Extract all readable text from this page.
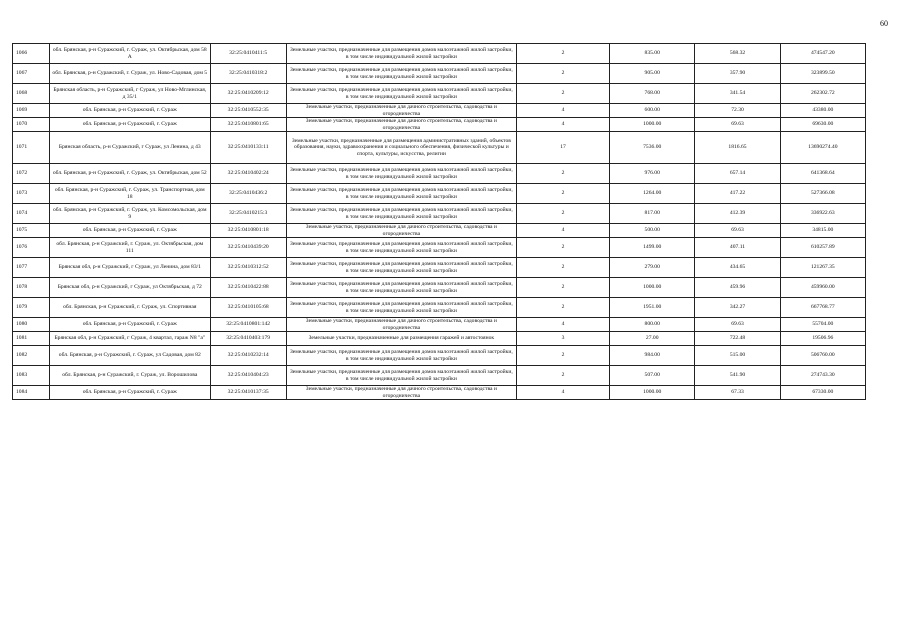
60
1066	обл. Брянская, р-н Суражский, г. Сураж, ул. Октябрьская, дом 58 А	32:25:0410411:5	Земельные участки, предназначенные для размещения домов малоэтажной жилой застройки, в том числе индивидуальной жилой застройки	2	835.00	568.32	474547.20
1067	обл. Брянская, р-н Суражский, г. Сураж, ул. Ново-Садовая, дом 5	32:25:0410318:2	Земельные участки, предназначенные для размещения домов малоэтажной жилой застройки, в том числе индивидуальной жилой застройки	2	905.00	357.90	323899.50
1068	Брянская область, р-н Суражский, г Сураж, ул Ново-Мглинская, д 35/1	32:25:0410209:12	Земельные участки, предназначенные для размещения домов малоэтажной жилой застройки, в том числе индивидуальной жилой застройки	2	768.00	341.54	262302.72
1069	обл. Брянская, р-н Суражский, г. Сураж	32:25:0410552:35	Земельные участки, предназначенные для дачного строительства, садоводства и огородничества	4	600.00	72.30	43380.00
1070	обл. Брянская, р-н Суражский, г. Сураж	32:25:0410801:65	Земельные участки, предназначенные для дачного строительства, садоводства и огородничества	4	1000.00	69.63	69630.00
1071	Брянская область, р-н Суражский, г Сураж, ул Ленина, д 43	32:25:0410133:11	Земельные участки, предназначенные для размещения административных зданий, объектов образования, науки, здравоохранения и социального обеспечения, физической культуры и спорта, культуры, искусства, религии	17	7536.00	1816.65	13690274.40
1072	обл. Брянская, р-н Суражский, г. Сураж, ул. Октябрьская, дом 52	32:25:0410402:24	Земельные участки, предназначенные для размещения домов малоэтажной жилой застройки, в том числе индивидуальной жилой застройки	2	976.00	657.14	641368.64
1073	обл. Брянская, р-н Суражский, г. Сураж, ул. Транспортная, дом 18	32:25:0410436:2	Земельные участки, предназначенные для размещения домов малоэтажной жилой застройки, в том числе индивидуальной жилой застройки	2	1264.00	417.22	527366.08
1074	обл. Брянская, р-н Суражский, г. Сураж, ул. Комсомольская, дом 9	32:25:0410215:3	Земельные участки, предназначенные для размещения домов малоэтажной жилой застройки, в том числе индивидуальной жилой застройки	2	817.00	412.39	336922.63
1075	обл. Брянская, р-н Суражский, г. Сураж	32:25:0410801:18	Земельные участки, предназначенные для дачного строительства, садоводства и огородничества	4	500.00	69.63	34815.00
1076	обл. Брянская, р-н Суражский, г. Сураж, ул. Октябрьская, дом 111	32:25:0410439:20	Земельные участки, предназначенные для размещения домов малоэтажной жилой застройки, в том числе индивидуальной жилой застройки	2	1499.00	407.11	610257.89
1077	Брянская обл, р-н Суражский, г Сураж, ул Ленина, дом 83/1	32:25:0410312:52	Земельные участки, предназначенные для размещения домов малоэтажной жилой застройки, в том числе индивидуальной жилой застройки	2	279.00	434.65	121267.35
1078	Брянская обл, р-н Суражский, г Сураж, ул Октябрьская, д 72	32:25:0410422:88	Земельные участки, предназначенные для размещения домов малоэтажной жилой застройки, в том числе индивидуальной жилой застройки	2	1000.00	459.96	459960.00
1079	обл. Брянская, р-н Суражский, г. Сураж, ул. Спортивная	32:25:0410105:68	Земельные участки, предназначенные для размещения домов малоэтажной жилой застройки, в том числе индивидуальной жилой застройки	2	1951.00	342.27	667768.77
1080	обл. Брянская, р-н Суражский, г. Сураж	32:25:0410801:142	Земельные участки, предназначенные для дачного строительства, садоводства и огородничества	4	800.00	69.63	55704.00
1081	Брянская обл, р-н Суражский, г Сураж, 4 квартал, гараж N8 "а"	32:25:0410403:179	Земельные участки, предназначенные для размещения гаражей и автостоянок	3	27.00	722.48	19506.96
1082	обл. Брянская, р-н Суражский, г. Сураж, ул Садовая, дом 82	32:25:0410232:14	Земельные участки, предназначенные для размещения домов малоэтажной жилой застройки, в том числе индивидуальной жилой застройки	2	984.00	515.00	506760.00
1083	обл. Брянская, р-н Суражский, г. Сураж, ул. Ворошилова	32:25:0410404:23	Земельные участки, предназначенные для размещения домов малоэтажной жилой застройки, в том числе индивидуальной жилой застройки	2	507.00	541.90	274743.30
1084	обл. Брянская, р-н Суражский, г. Сураж	32:25:0410137:35	Земельные участки, предназначенные для дачного строительства, садоводства и огородничества	4	1000.00	67.33	67330.00
